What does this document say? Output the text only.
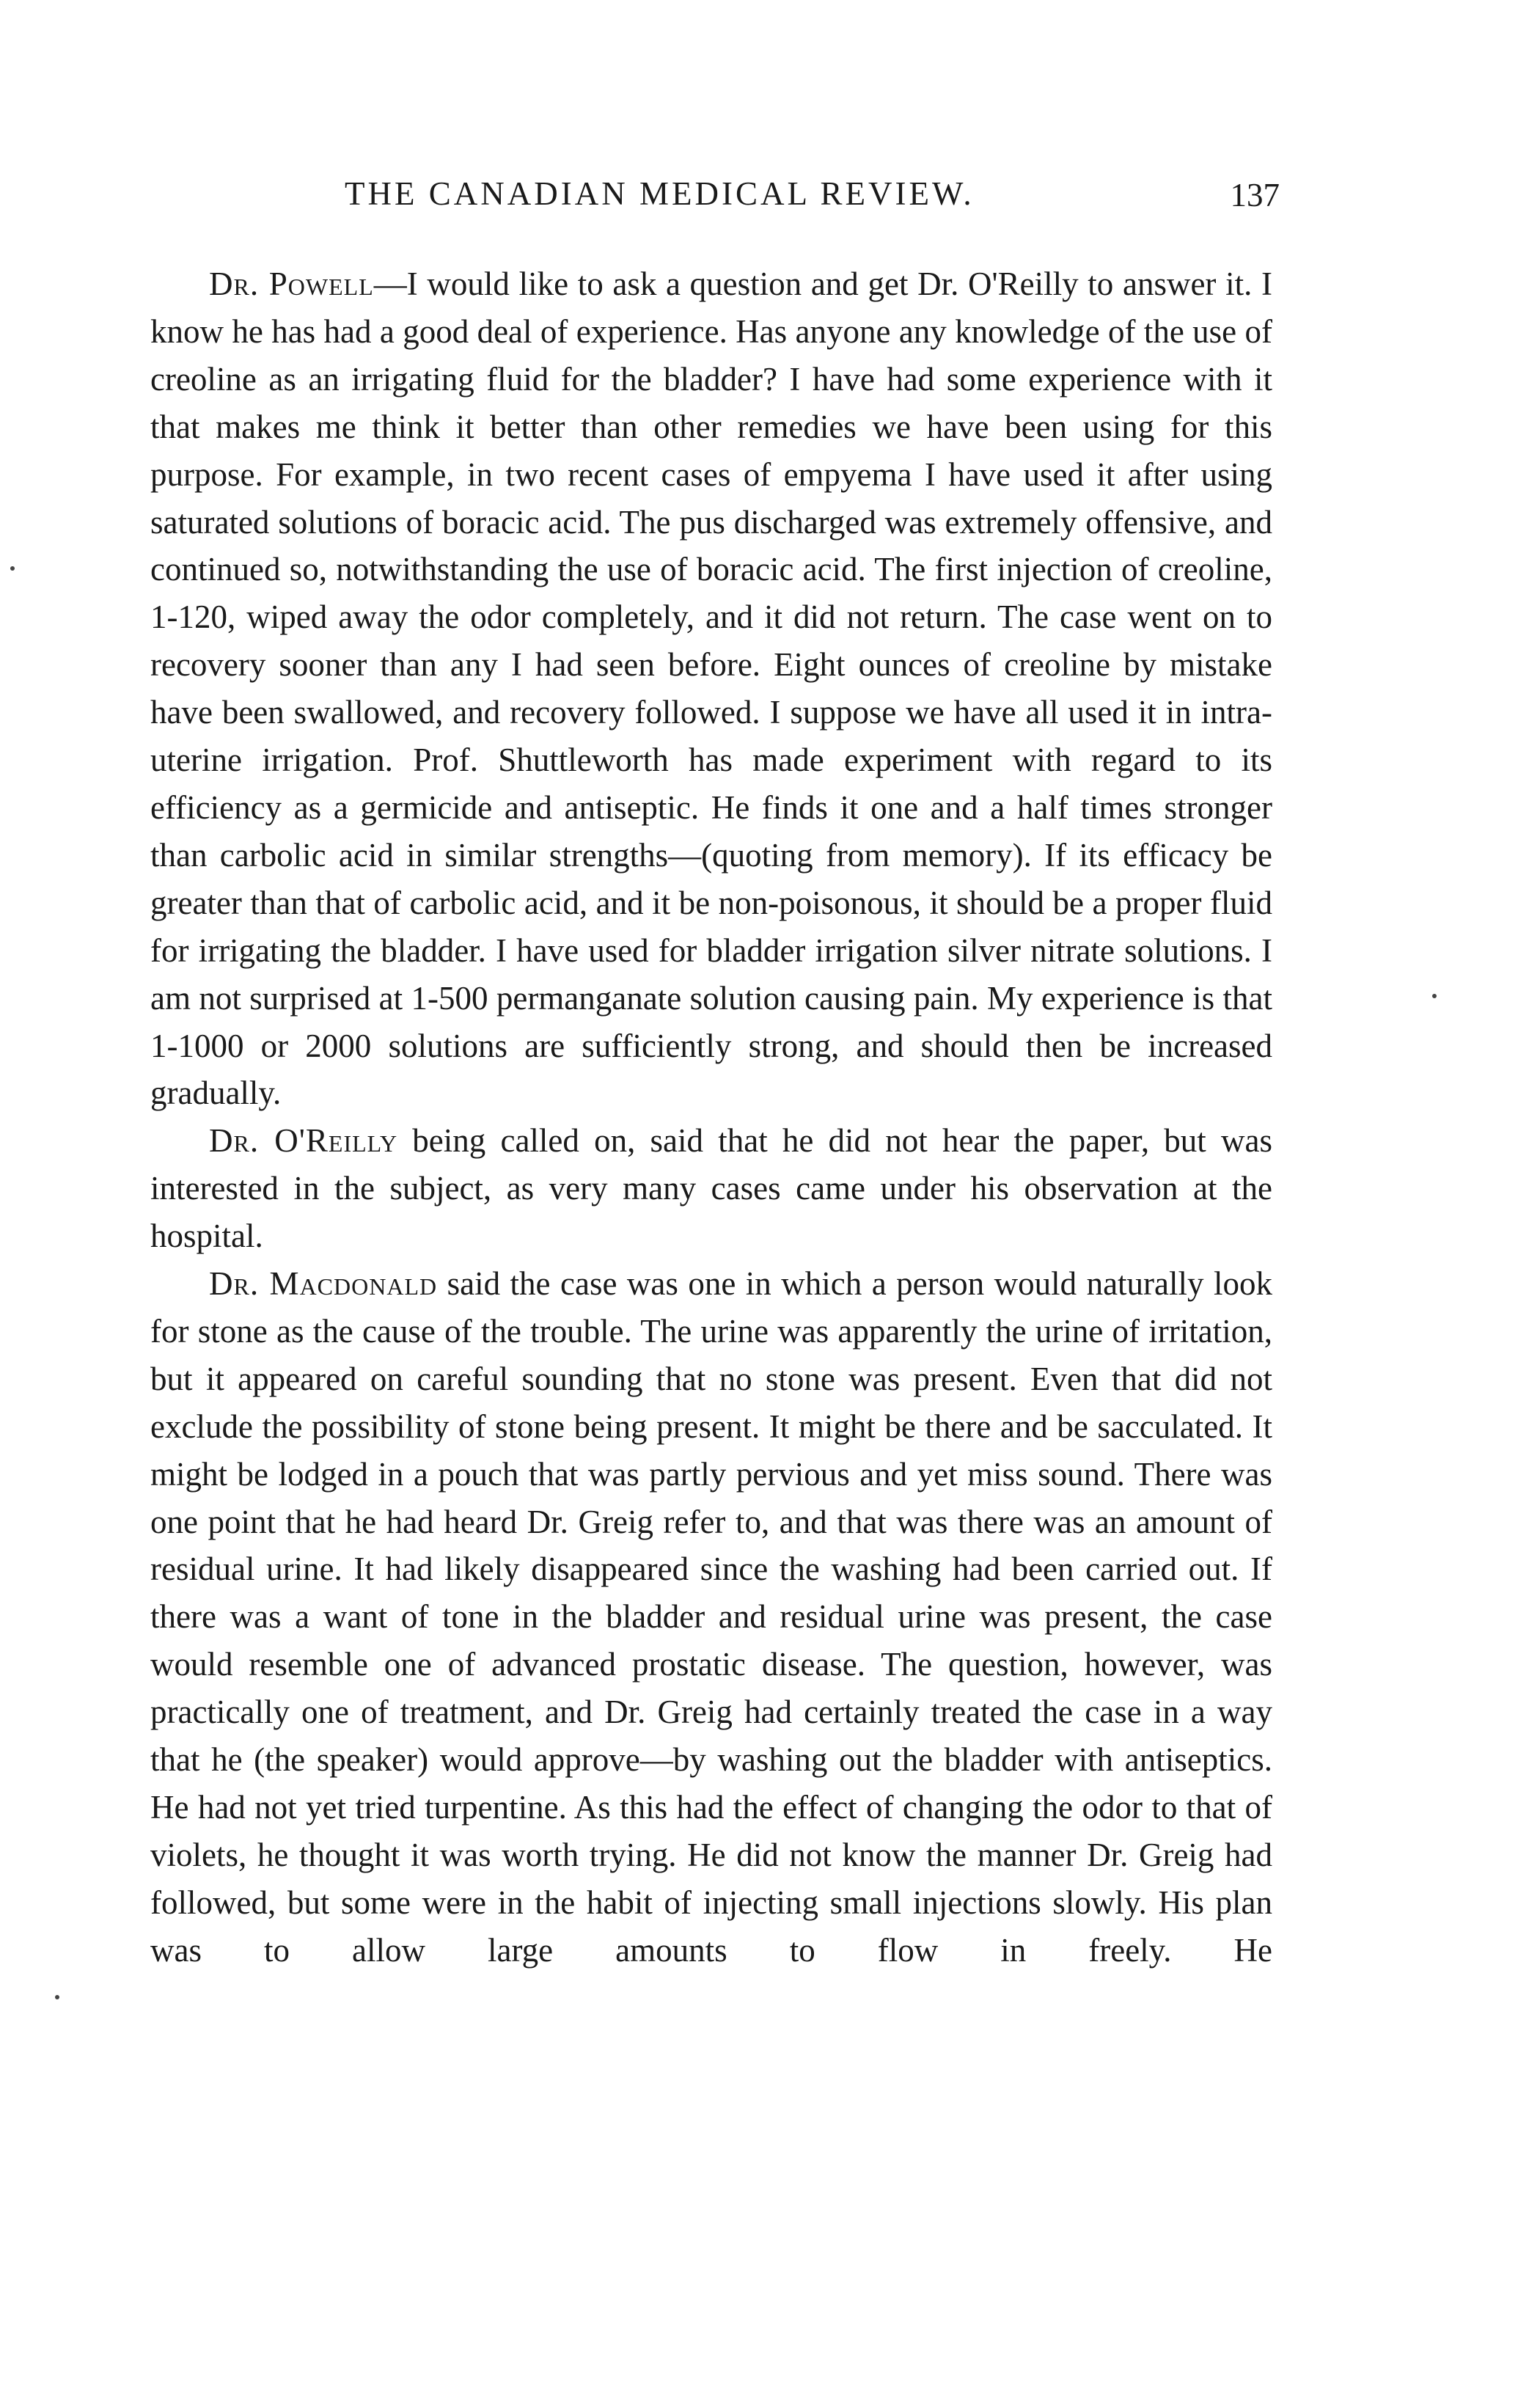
THE CANADIAN MEDICAL REVIEW.	137

Dr. Powell—I would like to ask a question and get Dr. O'Reilly to answer it. I know he has had a good deal of experience. Has anyone any knowledge of the use of creoline as an irrigating fluid for the bladder? I have had some experience with it that makes me think it better than other remedies we have been using for this purpose. For example, in two recent cases of empyema I have used it after using saturated solutions of boracic acid. The pus discharged was extremely offensive, and continued so, notwithstanding the use of boracic acid. The first injection of creoline, 1-120, wiped away the odor completely, and it did not return. The case went on to recovery sooner than any I had seen before. Eight ounces of creoline by mistake have been swallowed, and recovery followed. I suppose we have all used it in intra-uterine irrigation. Prof. Shuttleworth has made experiment with regard to its efficiency as a germicide and antiseptic. He finds it one and a half times stronger than carbolic acid in similar strengths—(quoting from memory). If its efficacy be greater than that of carbolic acid, and it be non-poisonous, it should be a proper fluid for irrigating the bladder. I have used for bladder irrigation silver nitrate solutions. I am not surprised at 1-500 permanganate solution causing pain. My experience is that 1-1000 or 2000 solutions are sufficiently strong, and should then be increased gradually.

Dr. O'Reilly being called on, said that he did not hear the paper, but was interested in the subject, as very many cases came under his observation at the hospital.

Dr. Macdonald said the case was one in which a person would naturally look for stone as the cause of the trouble. The urine was apparently the urine of irritation, but it appeared on careful sounding that no stone was present. Even that did not exclude the possibility of stone being present. It might be there and be sacculated. It might be lodged in a pouch that was partly pervious and yet miss sound. There was one point that he had heard Dr. Greig refer to, and that was there was an amount of residual urine. It had likely disappeared since the washing had been carried out. If there was a want of tone in the bladder and residual urine was present, the case would resemble one of advanced prostatic disease. The question, however, was practically one of treatment, and Dr. Greig had certainly treated the case in a way that he (the speaker) would approve—by washing out the bladder with antiseptics. He had not yet tried turpentine. As this had the effect of changing the odor to that of violets, he thought it was worth trying. He did not know the manner Dr. Greig had followed, but some were in the habit of injecting small injections slowly. His plan was to allow large amounts to flow in freely. He
